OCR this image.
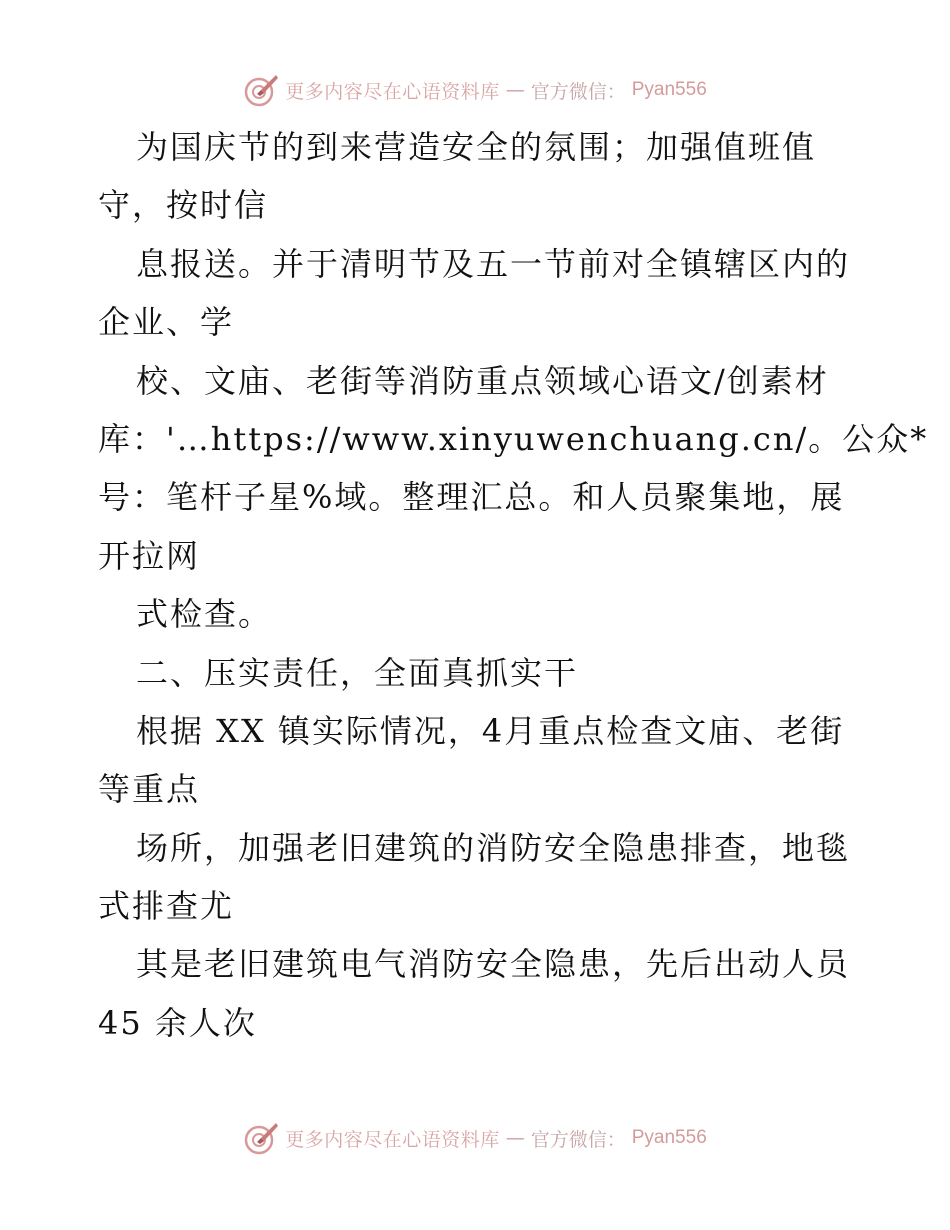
更多内容尽在心语资料库 — 官方微信： Pyan556
为国庆节的到来营造安全的氛围；加强值班值
守，按时信
息报送。并于清明节及五一节前对全镇辖区内的
企业、学
校、文庙、老街等消防重点领域心语文/创素材
库：'…https://www.xinyuwenchuang.cn/。公众*
号：笔杆子星%域。整理汇总。和人员聚集地，展
开拉网
式检查。
二、压实责任，全面真抓实干
根据 XX 镇实际情况，4月重点检查文庙、老街
等重点
场所，加强老旧建筑的消防安全隐患排查，地毯
式排查尤
其是老旧建筑电气消防安全隐患，先后出动人员
45 余人次
更多内容尽在心语资料库 — 官方微信： Pyan556
